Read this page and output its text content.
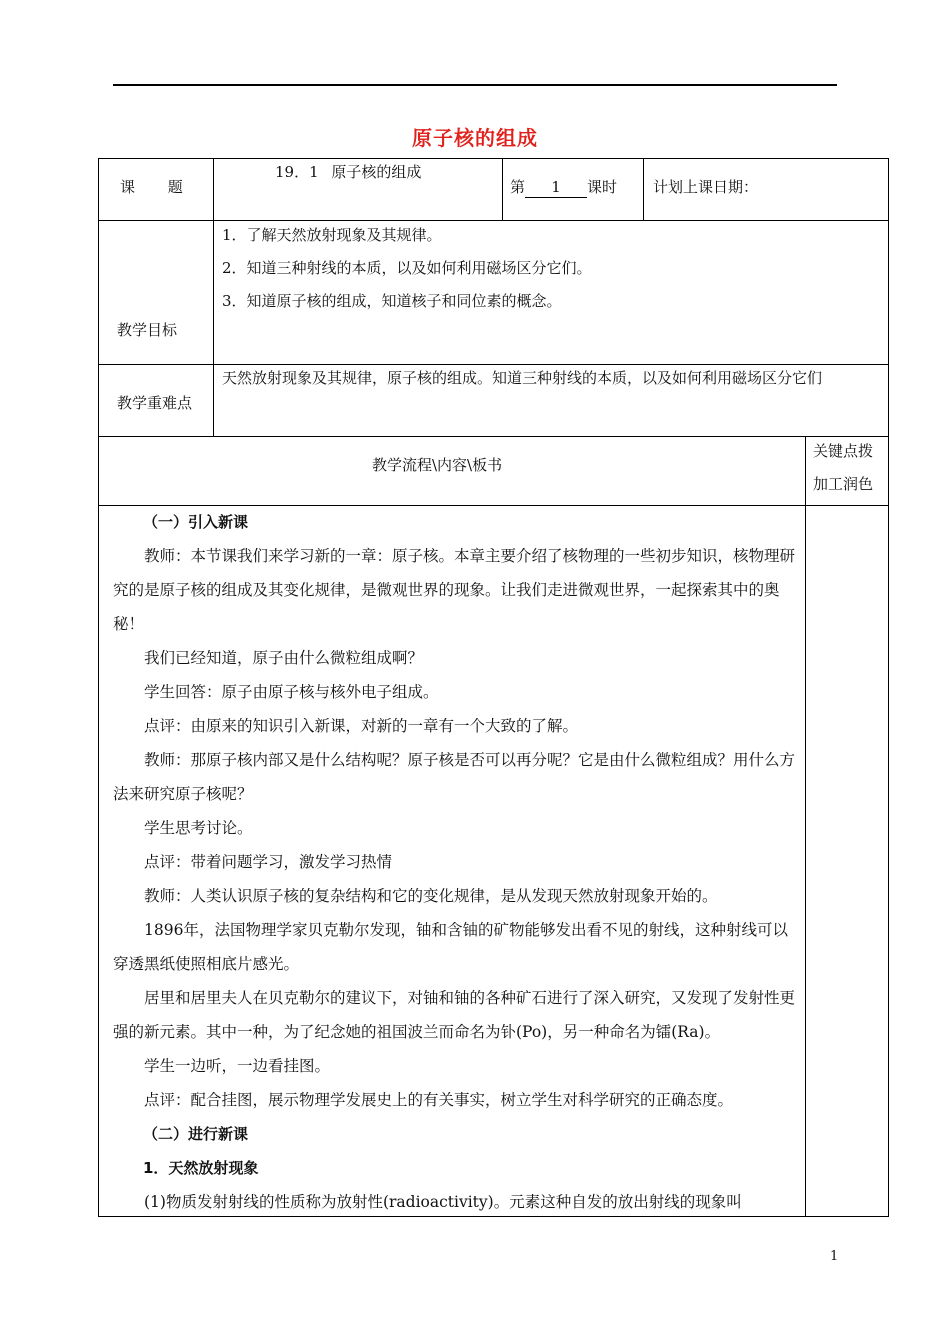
原子核的组成
课 题
19．1 原子核的组成
第 1 课时 计划上课日期：
教学目标
1．了解天然放射现象及其规律。
2．知道三种射线的本质，以及如何利用磁场区分它们。
3．知道原子核的组成，知道核子和同位素的概念。
教学重难点
天然放射现象及其规律，原子核的组成。知道三种射线的本质，以及如何利用磁场区分它们
教学流程\内容\板书
关键点拨
加工润色

（一）引入新课

教师：本节课我们来学习新的一章：原子核。本章主要介绍了核物理的一些初步知识，核物理研究的是原子核的组成及其变化规律，是微观世界的现象。让我们走进微观世界，一起探索其中的奥秘！

我们已经知道，原子由什么微粒组成啊？

学生回答：原子由原子核与核外电子组成。

点评：由原来的知识引入新课，对新的一章有一个大致的了解。

教师：那原子核内部又是什么结构呢？原子核是否可以再分呢？它是由什么微粒组成？用什么方法来研究原子核呢？

学生思考讨论。

点评：带着问题学习，激发学习热情

教师：人类认识原子核的复杂结构和它的变化规律，是从发现天然放射现象开始的。

1896年，法国物理学家贝克勒尔发现，铀和含铀的矿物能够发出看不见的射线，这种射线可以穿透黑纸使照相底片感光。

居里和居里夫人在贝克勒尔的建议下，对铀和铀的各种矿石进行了深入研究，又发现了发射性更强的新元素。其中一种，为了纪念她的祖国波兰而命名为钋(Po)，另一种命名为镭(Ra)。

学生一边听，一边看挂图。

点评：配合挂图，展示物理学发展史上的有关事实，树立学生对科学研究的正确态度。

（二）进行新课

1．天然放射现象

(1)物质发射射线的性质称为放射性(radioactivity)。元素这种自发的放出射线的现象叫

1
